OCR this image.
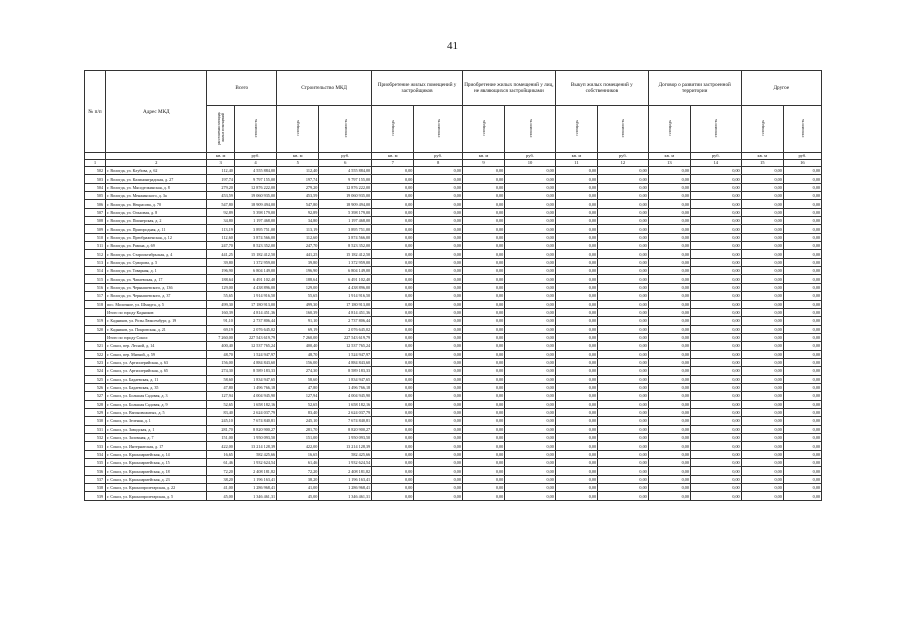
41
№ п/п	Адрес МКД	Всего		Строительство МКД		Приобретение жилых помещений у застройщиков		Приобретение жилых помещений у лиц, не являющихся застройщиками		Выкуп жилых помещений у собственников		Договор о развитии застроенной территории		Другое	
		расселяемая площадь жилых помещений	стоимость	площадь	стоимость	площадь	стоимость	площадь	стоимость	площадь	стоимость	площадь	стоимость	площадь	стоимость
		кв. м	руб.	кв. м	руб.	кв. м	руб.	кв. м	руб.	кв. м	руб.	кв. м	руб.	кв. м	руб.
1	2	3	4	5	6	7	8	9	10	11	12	13	14	15	16
502	г. Вологда, ул. Клубова, д. 62	112,40	4 555 884,00	112,40	4 555 884,00	0,00	0,00	0,00	0,00	0,00	0,00	0,00	0,00	0,00	0,00
503	г. Вологда, ул. Калининградская, д. 27	197,74	9 797 155,00	197,74	9 797 155,00	0,00	0,00	0,00	0,00	0,00	0,00	0,00	0,00	0,00	0,00
504	г. Вологда, ул. Мясоделкинская, д. 8	279,20	12 876 222,00	279,20	12 876 222,00	0,00	0,00	0,00	0,00	0,00	0,00	0,00	0,00	0,00	0,00
505	г. Вологда, ул. Менжинского, д. 3а	453,59	19 060 935,00	453,59	19 060 935,00	0,00	0,00	0,00	0,00	0,00	0,00	0,00	0,00	0,00	0,00
506	г. Вологда, ул. Некрасова, д. 70	547,80	18 909 494,00	547,80	18 909 494,00	0,00	0,00	0,00	0,00	0,00	0,00	0,00	0,00	0,00	0,00
507	г. Вологда, ул. Ольховая, д. 8	92,89	5 398 179,00	92,89	5 398 179,00	0,00	0,00	0,00	0,00	0,00	0,00	0,00	0,00	0,00	0,00
508	г. Вологда, ул. Пионерская, д. 2	34,80	1 197 468,00	34,80	1 197 468,00	0,00	0,00	0,00	0,00	0,00	0,00	0,00	0,00	0,00	0,00
509	г. Вологда, ул. Пригородная, д. 11	113,19	3 895 751,00	113,19	3 895 751,00	0,00	0,00	0,00	0,00	0,00	0,00	0,00	0,00	0,00	0,00
510	г. Вологда, ул. Преображенская, д. 12	112,60	3 874 566,00	112,60	3 874 566,00	0,00	0,00	0,00	0,00	0,00	0,00	0,00	0,00	0,00	0,00
511	г. Вологда, ул. Разина, д. 69	247,70	8 523 352,00	247,70	8 523 352,00	0,00	0,00	0,00	0,00	0,00	0,00	0,00	0,00	0,00	0,00
512	г. Вологда, ул. Старооктябрьская, д. 4	441,25	15 182 412,50	441,25	15 182 412,50	0,00	0,00	0,00	0,00	0,00	0,00	0,00	0,00	0,00	0,00
513	г. Вологда, ул. Суворова, д. 5	39,80	1 372 959,00	39,80	1 372 959,00	0,00	0,00	0,00	0,00	0,00	0,00	0,00	0,00	0,00	0,00
514	г. Вологда, ул. Товарная, д. 1	196,90	6 804 149,00	196,90	6 804 149,00	0,00	0,00	0,00	0,00	0,00	0,00	0,00	0,00	0,00	0,00
515	г. Вологда, ул. Чапаевская, д. 17	188,64	6 491 102,40	188,64	6 491 102,40	0,00	0,00	0,00	0,00	0,00	0,00	0,00	0,00	0,00	0,00
516	г. Вологда, ул. Чернышевского, д. 136	129,00	4 438 896,00	129,00	4 438 896,00	0,00	0,00	0,00	0,00	0,00	0,00	0,00	0,00	0,00	0,00
517	г. Вологда, ул. Чернышевского, д. 37	55,65	1 914 916,50	55,65	1 914 916,50	0,00	0,00	0,00	0,00	0,00	0,00	0,00	0,00	0,00	0,00
518	пос. Молочное, ул. Шмидта, д. 5	499,30	17 180 913,00	499,30	17 180 913,00	0,00	0,00	0,00	0,00	0,00	0,00	0,00	0,00	0,00	0,00
	Итого по городу Кадников:	160,39	4 814 451,36	160,39	4 814 451,36	0,00	0,00	0,00	0,00	0,00	0,00	0,00	0,00	0,00	0,00
519	г. Кадников, ул. Розы Люксембург, д. 19	91,10	2 737 806,44	91,10	2 737 806,44	0,00	0,00	0,00	0,00	0,00	0,00	0,00	0,00	0,00	0,00
520	г. Кадников, ул. Покровская, д. 21	69,19	2 076 645,02	69,19	2 076 645,02	0,00	0,00	0,00	0,00	0,00	0,00	0,00	0,00	0,00	0,00
	Итого по городу Сокол:	7 260,00	227 543 619,79	7 260,00	227 543 619,79	0,00	0,00	0,00	0,00	0,00	0,00	0,00	0,00	0,00	0,00
521	г. Сокол, пер. Лесной, д. 14	400,40	12 537 765,24	400,40	12 537 765,24	0,00	0,00	0,00	0,00	0,00	0,00	0,00	0,00	0,00	0,00
522	г. Сокол, пер. Мягкий, д. 59	48,70	1 524 947,97	48,70	1 524 947,97	0,00	0,00	0,00	0,00	0,00	0,00	0,00	0,00	0,00	0,00
523	г. Сокол, ул. Артиллерийская, д. 63	156,00	4 884 843,60	156,00	4 884 843,60	0,00	0,00	0,00	0,00	0,00	0,00	0,00	0,00	0,00	0,00
524	г. Сокол, ул. Артиллерийская, д. 65	274,30	8 589 183,33	274,30	8 589 183,33	0,00	0,00	0,00	0,00	0,00	0,00	0,00	0,00	0,00	0,00
525	г. Сокол, ул. Бадаевская, д. 11	58,60	1 834 947,65	58,60	1 834 947,65	0,00	0,00	0,00	0,00	0,00	0,00	0,00	0,00	0,00	0,00
526	г. Сокол, ул. Бадаевская, д. 35	47,80	1 496 766,18	47,80	1 496 766,18	0,00	0,00	0,00	0,00	0,00	0,00	0,00	0,00	0,00	0,00
527	г. Сокол, ул. Большая Садовая, д. 3	127,94	4 004 945,90	127,94	4 004 945,90	0,00	0,00	0,00	0,00	0,00	0,00	0,00	0,00	0,00	0,00
528	г. Сокол, ул. Большая Садовая, д. 9	52,65	1 658 182,16	52,65	1 658 182,16	0,00	0,00	0,00	0,00	0,00	0,00	0,00	0,00	0,00	0,00
529	г. Сокол, ул. Вагоновожатых, д. 5	83,40	2 624 037,79	83,40	2 624 037,79	0,00	0,00	0,00	0,00	0,00	0,00	0,00	0,00	0,00	0,00
530	г. Сокол, ул. Зеленая, д. 1	245,10	7 674 840,81	245,10	7 674 840,81	0,00	0,00	0,00	0,00	0,00	0,00	0,00	0,00	0,00	0,00
531	г. Сокол, ул. Заводская, д. 1	281,70	8 820 900,27	281,70	8 820 900,27	0,00	0,00	0,00	0,00	0,00	0,00	0,00	0,00	0,00	0,00
532	г. Сокол, ул. Заломная, д. 7	151,00	1 950 093,50	151,00	1 950 093,50	0,00	0,00	0,00	0,00	0,00	0,00	0,00	0,00	0,00	0,00
533	г. Сокол, ул. Интернатская, д. 17	422,00	13 214 128,39	422,00	13 214 128,39	0,00	0,00	0,00	0,00	0,00	0,00	0,00	0,00	0,00	0,00
534	г. Сокол, ул. Красноармейская, д. 14	16,65	582 425,66	16,65	582 425,66	0,00	0,00	0,00	0,00	0,00	0,00	0,00	0,00	0,00	0,00
535	г. Сокол, ул. Красноармейская, д. 15	61,46	1 932 624,54	61,46	1 932 624,54	0,00	0,00	0,00	0,00	0,00	0,00	0,00	0,00	0,00	0,00
536	г. Сокол, ул. Красноармейская, д. 18	72,20	2 408 181,82	72,20	2 408 181,82	0,00	0,00	0,00	0,00	0,00	0,00	0,00	0,00	0,00	0,00
537	г. Сокол, ул. Красноармейская, д. 23	38,20	1 196 163,41	38,20	1 196 163,41	0,00	0,00	0,00	0,00	0,00	0,00	0,00	0,00	0,00	0,00
538	г. Сокол, ул. Краснопролетарская, д. 22	41,00	1 286 968,41	41,00	1 286 968,41	0,00	0,00	0,00	0,00	0,00	0,00	0,00	0,00	0,00	0,00
539	г. Сокол, ул. Краснопролетарская, д. 5	45,00	1 346 461,31	45,00	1 346 461,31	0,00	0,00	0,00	0,00	0,00	0,00	0,00	0,00	0,00	0,00
